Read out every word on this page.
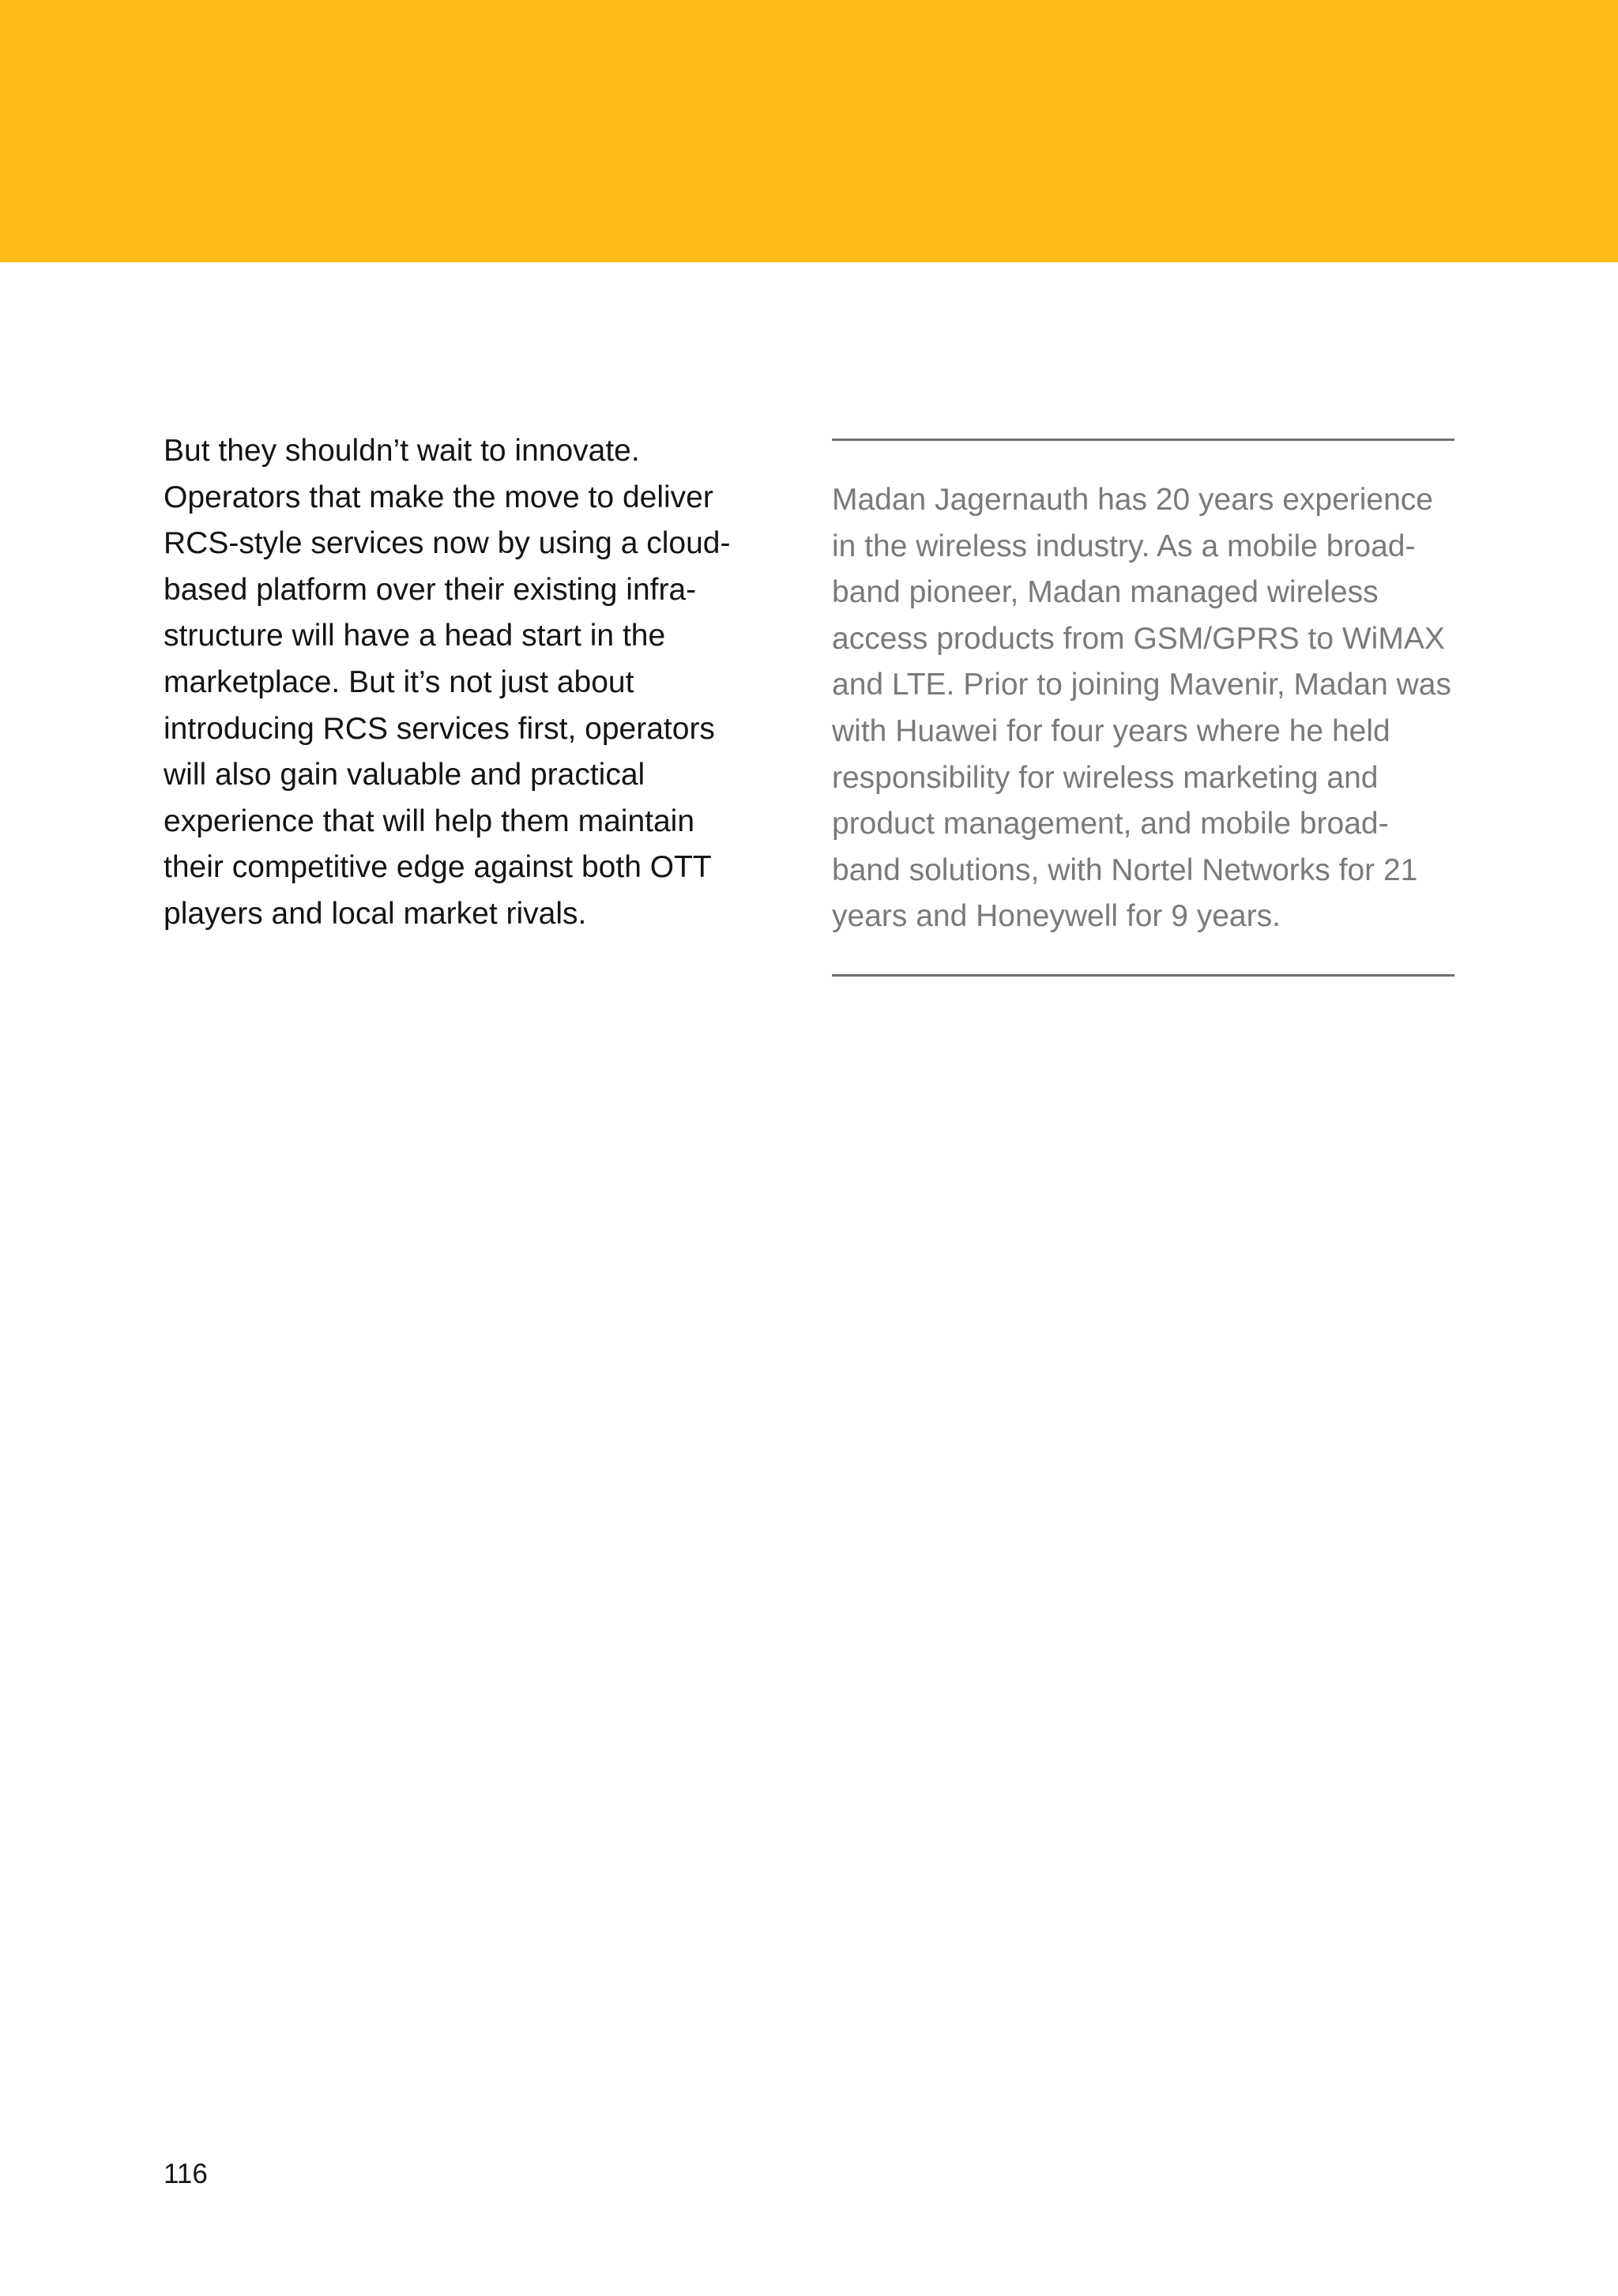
But they shouldn’t wait to innovate.
Operators that make the move to deliver
RCS-style services now by using a cloud-
based platform over their existing infra-
structure will have a head start in the
marketplace. But it’s not just about
introducing RCS services first, operators
will also gain valuable and practical
experience that will help them maintain
their competitive edge against both OTT
players and local market rivals.

Madan Jagernauth has 20 years experience
in the wireless industry. As a mobile broad-
band pioneer, Madan managed wireless
access products from GSM/GPRS to WiMAX
and LTE. Prior to joining Mavenir, Madan was
with Huawei for four years where he held
responsibility for wireless marketing and
product management, and mobile broad-
band solutions, with Nortel Networks for 21
years and Honeywell for 9 years.

116
